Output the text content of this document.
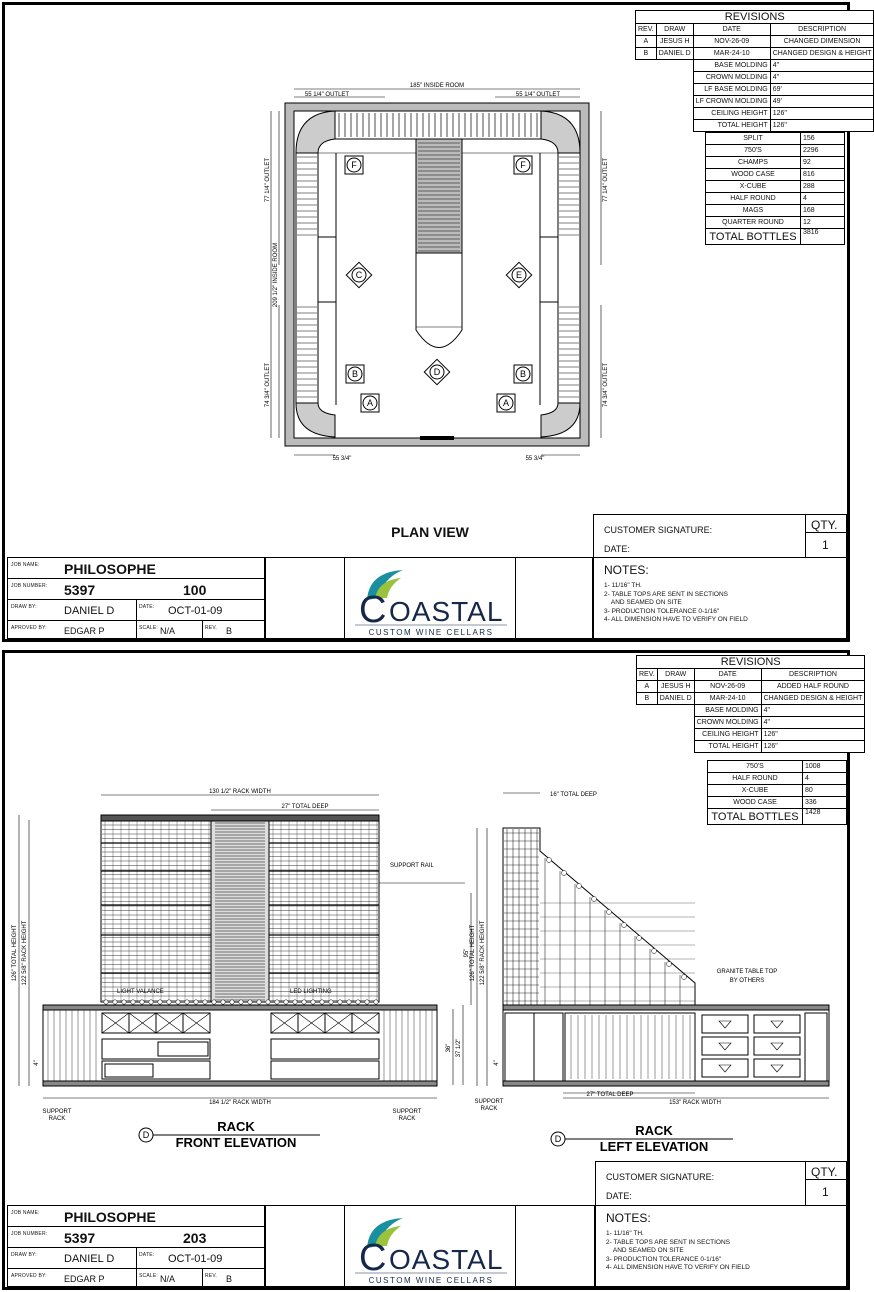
185" INSIDE ROOM
55 1/4" OUTLET	55 1/4" OUTLET
55 3/4"	55 3/4"
77 1/4" OUTLET
209 1/2" INSIDE ROOM
74 3/4" OUTLET
77 1/4" OUTLET
74 3/4" OUTLET
F	F
C	E
D
B	B
A	A
REVISIONS			
REV.	DRAW	DATE	DESCRIPTION
A	JESUS H	NOV-26-09	CHANGED DIMENSION
B	DANIEL D	MAR-24-10	CHANGED DESIGN & HEIGHT
		BASE MOLDING	4"
		CROWN MOLDING	4"
		LF BASE MOLDING	69'
		LF CROWN MOLDING	49'
		CEILING HEIGHT	126"
		TOTAL HEIGHT	126"
SPLIT	156
750'S	2296
CHAMPS	92
WOOD CASE	816
X-CUBE	288
HALF ROUND	4
MAGS	168
QUARTER ROUND	12
TOTAL BOTTLES	3816
PLAN VIEW	CUSTOMER SIGNATURE:
DATE:
QTY.
1
JOB NAME: PHILOSOPHE
JOB NUMBER: 5397	100
DRAW BY: DANIEL D	DATE: OCT-01-09
APROVED BY: EDGAR P	SCALE: N/A	REV. B	C OASTAL
CUSTOM WINE CELLARS
NOTES:
1- 11/16" TH.
2- TABLE TOPS ARE SENT IN SECTIONS
AND SEAMED ON SITE
3- PRODUCTION TOLERANCE 0-1/16"
4- ALL DIMENSION HAVE TO VERIFY ON FIELD
130 1/2" RACK WIDTH
27" TOTAL DEEP
SUPPORT RAIL
184 1/2" RACK WIDTH
126" TOTAL HEIGHT 122 5/8" RACK HEIGHT
36" 37 1/2"
4"
LIGHT VALANCE	LED LIGHTING
SUPPORT RACK
SUPPORT RACK
D
RACK
FRONT ELEVATION
16" TOTAL DEEP
27" TOTAL DEEP
153" RACK WIDTH
126" TOTAL HEIGHT 122 5/8" RACK HEIGHT
95"
4"
GRANITE TABLE TOP BY OTHERS
SUPPORT RACK
D
RACK
LEFT ELEVATION
REVISIONS			
REV.	DRAW	DATE	DESCRIPTION
A	JESUS H	NOV-26-09	ADDED HALF ROUND
B	DANIEL D	MAR-24-10	CHANGED DESIGN & HEIGHT
		BASE MOLDING	4"
		CROWN MOLDING	4"
		CEILING HEIGHT	126"
		TOTAL HEIGHT	126"
750'S	1008
HALF ROUND	4
X-CUBE	80
WOOD CASE	336
TOTAL BOTTLES	1428
CUSTOMER SIGNATURE:
DATE:
QTY.
1
JOB NAME: PHILOSOPHE
JOB NUMBER: 5397	203
DRAW BY: DANIEL D	DATE: OCT-01-09
APROVED BY: EDGAR P	SCALE: N/A	REV. B	C OASTAL
CUSTOM WINE CELLARS
NOTES:
1- 11/16" TH.
2- TABLE TOPS ARE SENT IN SECTIONS
AND SEAMED ON SITE
3- PRODUCTION TOLERANCE 0-1/16"
4- ALL DIMENSION HAVE TO VERIFY ON FIELD
